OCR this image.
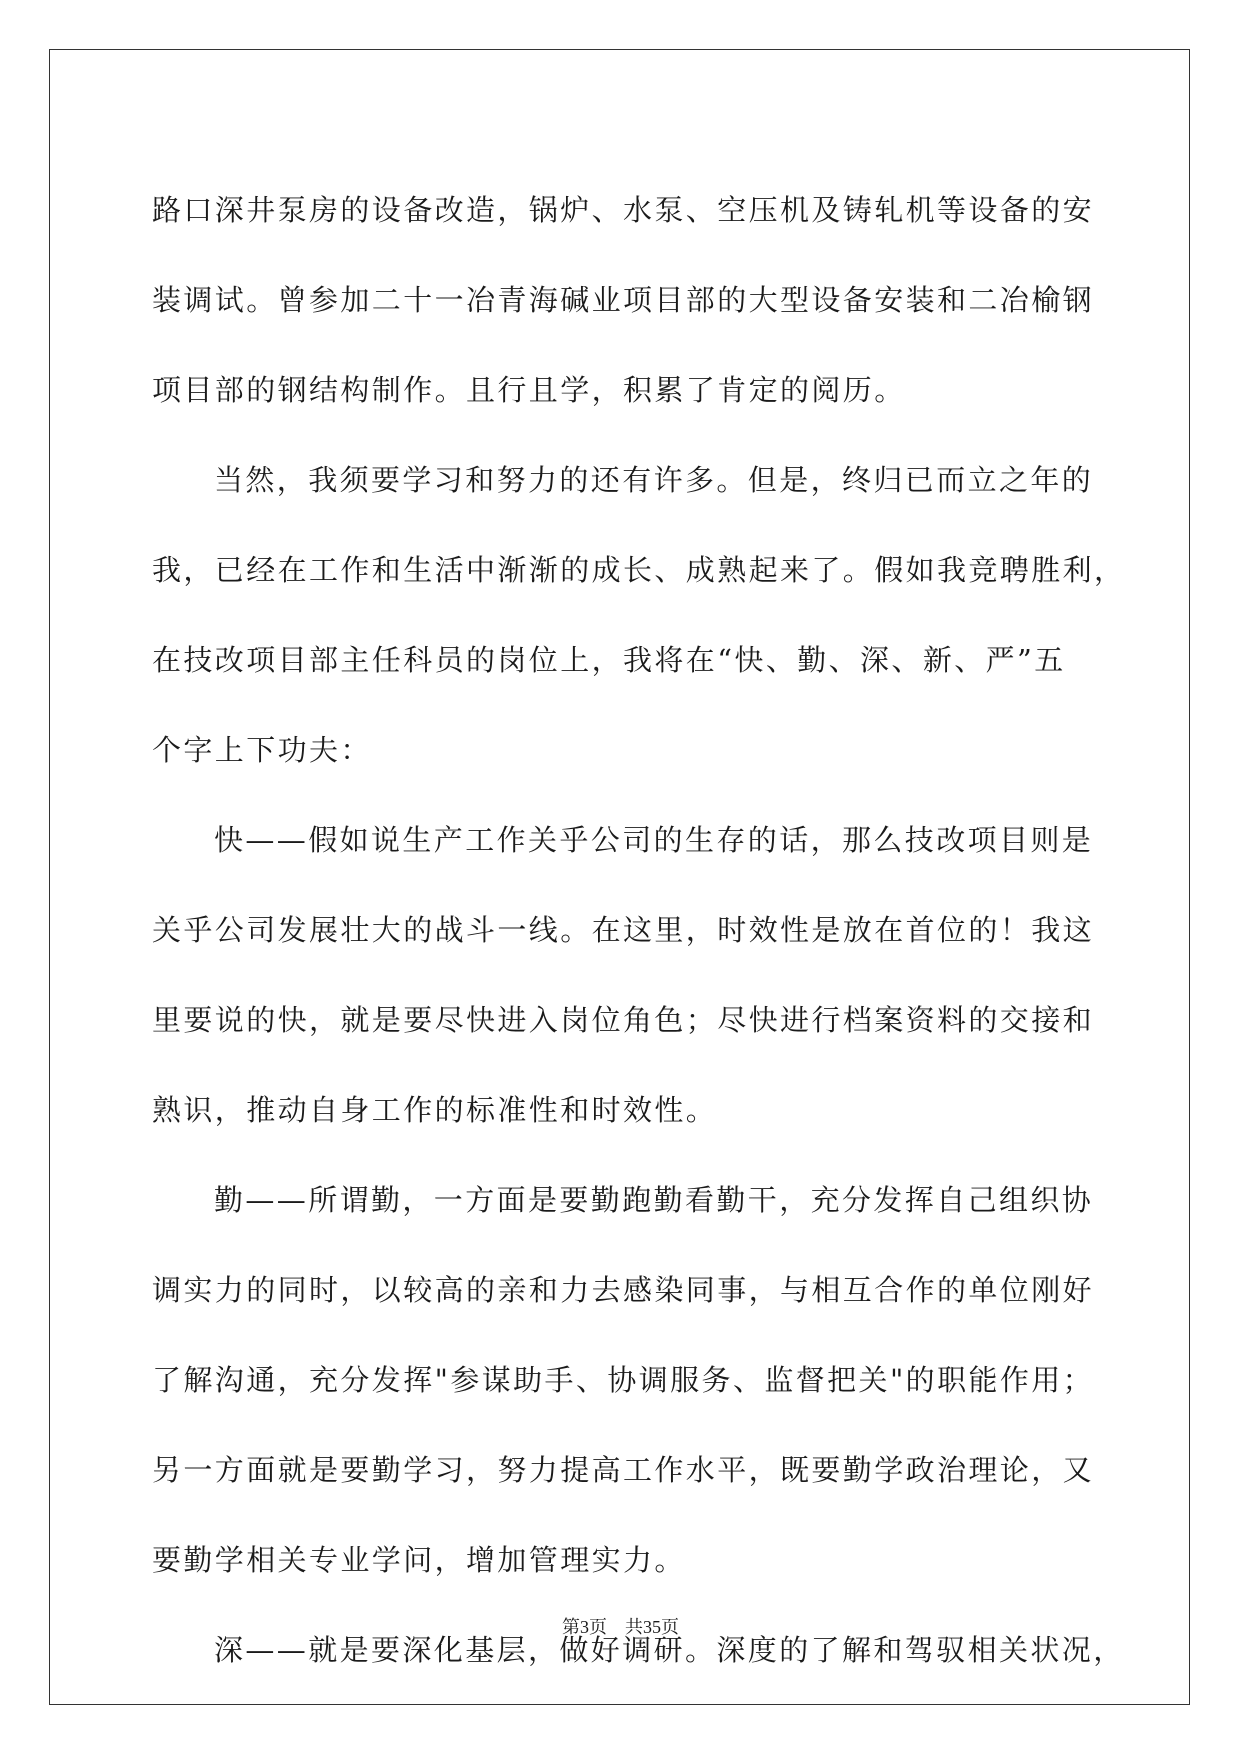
路口深井泵房的设备改造，锅炉、水泵、空压机及铸轧机等设备的安
装调试。曾参加二十一冶青海碱业项目部的大型设备安装和二冶榆钢
项目部的钢结构制作。且行且学，积累了肯定的阅历。
当然，我须要学习和努力的还有许多。但是，终归已而立之年的
我，已经在工作和生活中渐渐的成长、成熟起来了。假如我竞聘胜利，
在技改项目部主任科员的岗位上，我将在“快、勤、深、新、严”五
个字上下功夫：
快——假如说生产工作关乎公司的生存的话，那么技改项目则是
关乎公司发展壮大的战斗一线。在这里，时效性是放在首位的！我这
里要说的快，就是要尽快进入岗位角色；尽快进行档案资料的交接和
熟识，推动自身工作的标准性和时效性。
勤——所谓勤，一方面是要勤跑勤看勤干，充分发挥自己组织协
调实力的同时，以较高的亲和力去感染同事，与相互合作的单位刚好
了解沟通，充分发挥"参谋助手、协调服务、监督把关"的职能作用；
另一方面就是要勤学习，努力提高工作水平，既要勤学政治理论，又
要勤学相关专业学问，增加管理实力。
深——就是要深化基层，做好调研。深度的了解和驾驭相关状况，
第3页 共35页
